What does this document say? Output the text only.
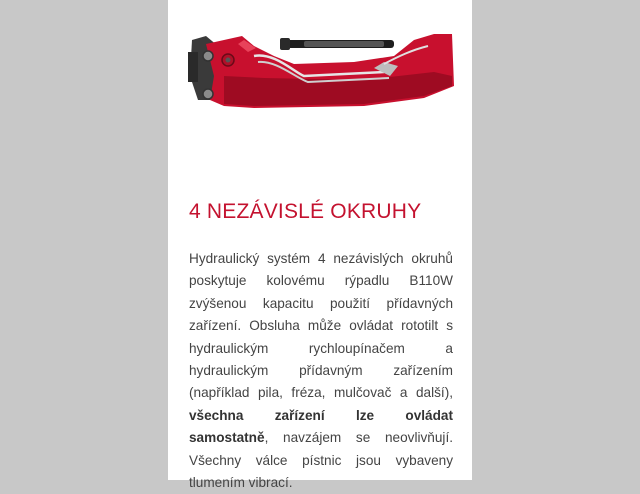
4 NEZÁVISLÉ OKRUHY

Hydraulický systém 4 nezávislých okruhů poskytuje kolovému rýpadlu B110W zvýšenou kapacitu použití přídavných zařízení. Obsluha může ovládat rototilt s hydraulickým rychloupínačem a hydraulickým přídavným zařízením (například pila, fréza, mulčovač a další), všechna zařízení lze ovládat samostatně, navzájem se neovlivňují. Všechny válce pístnic jsou vybaveny tlumením vibrací.
